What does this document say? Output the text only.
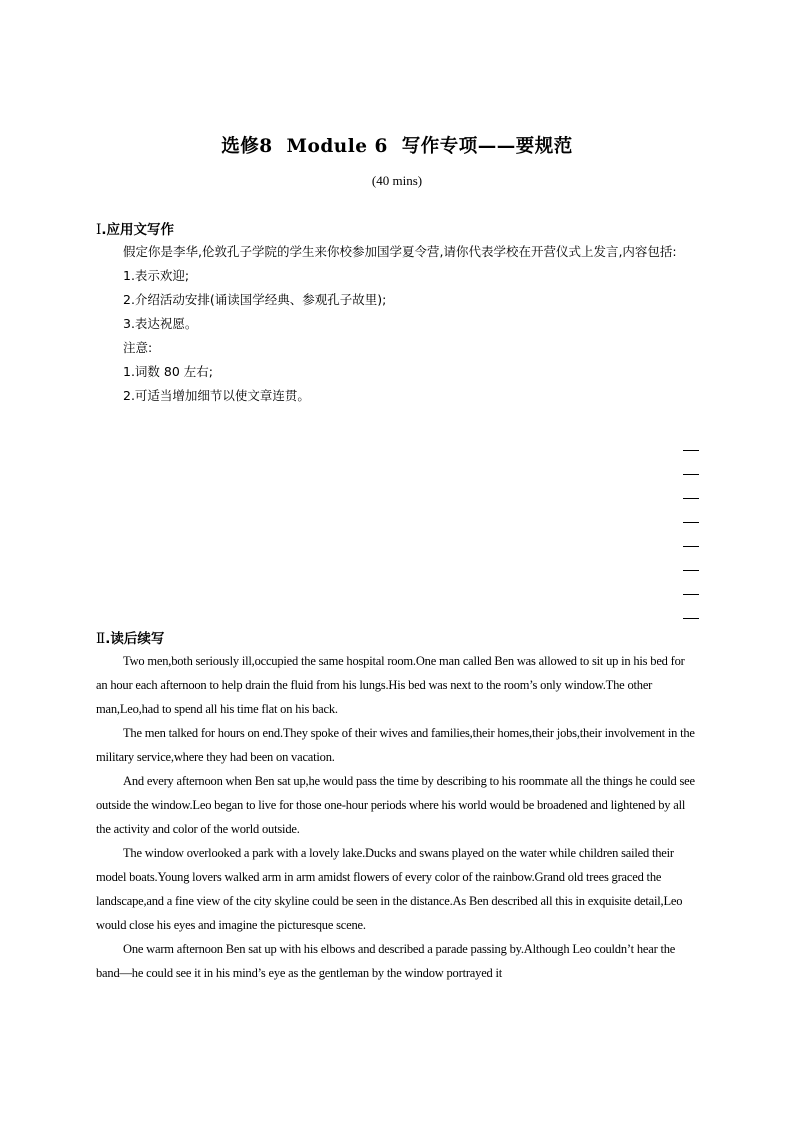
选修8  Module 6  写作专项——要规范
(40 mins)
Ⅰ.应用文写作

假定你是李华,伦敦孔子学院的学生来你校参加国学夏令营,请你代表学校在开营仪式上发言,内容包括:

1.表示欢迎;

2.介绍活动安排(诵读国学经典、参观孔子故里);

3.表达祝愿。

注意:

1.词数 80 左右;

2.可适当增加细节以使文章连贯。

Ⅱ.读后续写

Two men,both seriously ill,occupied the same hospital room.One man called Ben was allowed to sit up in his bed for an hour each afternoon to help drain the fluid from his lungs.His bed was next to the room’s only window.The other man,Leo,had to spend all his time flat on his back.

The men talked for hours on end.They spoke of their wives and families,their homes,their jobs,their involvement in the military service,where they had been on vacation.

And every afternoon when Ben sat up,he would pass the time by describing to his roommate all the things he could see outside the window.Leo began to live for those one-hour periods where his world would be broadened and lightened by all the activity and color of the world outside.

The window overlooked a park with a lovely lake.Ducks and swans played on the water while children sailed their model boats.Young lovers walked arm in arm amidst flowers of every color of the rainbow.Grand old trees graced the landscape,and a fine view of the city skyline could be seen in the distance.As Ben described all this in exquisite detail,Leo would close his eyes and imagine the picturesque scene.

One warm afternoon Ben sat up with his elbows and described a parade passing by.Although Leo couldn’t hear the band—he could see it in his mind’s eye as the gentleman by the window portrayed it
